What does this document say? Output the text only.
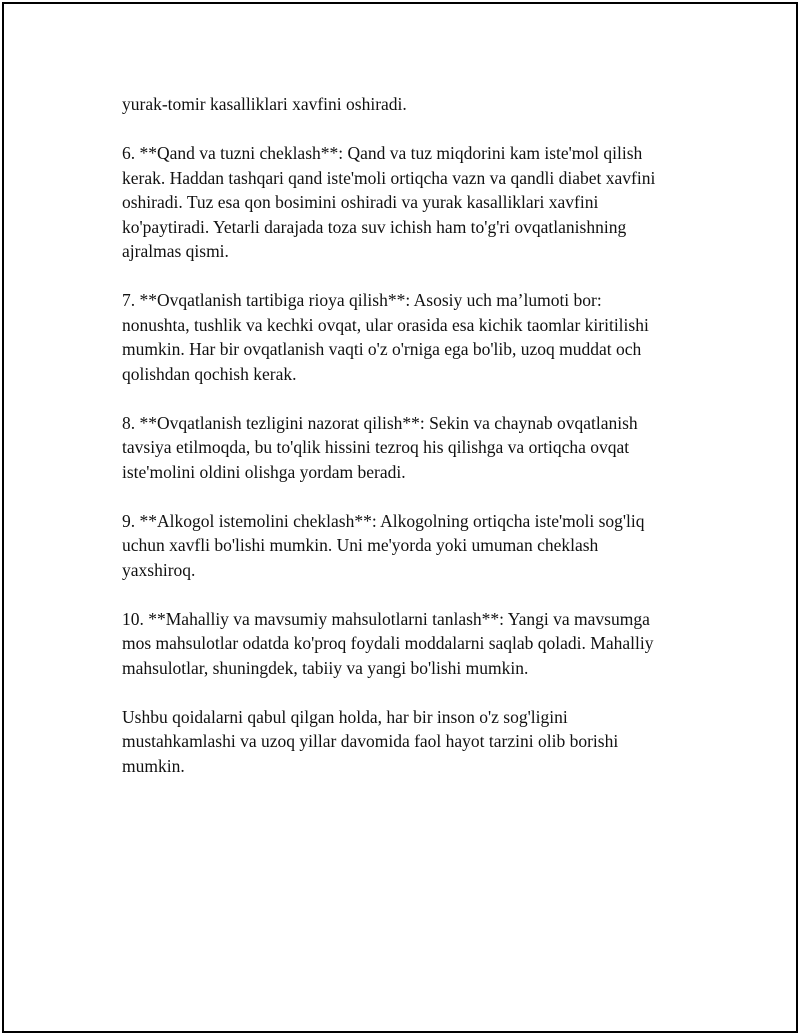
yurak-tomir kasalliklari xavfini oshiradi.

6. **Qand va tuzni cheklash**: Qand va tuz miqdorini kam iste'mol qilish
kerak. Haddan tashqari qand iste'moli ortiqcha vazn va qandli diabet xavfini
oshiradi. Tuz esa qon bosimini oshiradi va yurak kasalliklari xavfini
ko'paytiradi. Yetarli darajada toza suv ichish ham to'g'ri ovqatlanishning
ajralmas qismi.

7. **Ovqatlanish tartibiga rioya qilish**: Asosiy uch ma’lumoti bor:
nonushta, tushlik va kechki ovqat, ular orasida esa kichik taomlar kiritilishi
mumkin. Har bir ovqatlanish vaqti o'z o'rniga ega bo'lib, uzoq muddat och
qolishdan qochish kerak.

8. **Ovqatlanish tezligini nazorat qilish**: Sekin va chaynab ovqatlanish
tavsiya etilmoqda, bu to'qlik hissini tezroq his qilishga va ortiqcha ovqat
iste'molini oldini olishga yordam beradi.

9. **Alkogol istemolini cheklash**: Alkogolning ortiqcha iste'moli sog'liq
uchun xavfli bo'lishi mumkin. Uni me'yorda yoki umuman cheklash
yaxshiroq.

10. **Mahalliy va mavsumiy mahsulotlarni tanlash**: Yangi va mavsumga
mos mahsulotlar odatda ko'proq foydali moddalarni saqlab qoladi. Mahalliy
mahsulotlar, shuningdek, tabiiy va yangi bo'lishi mumkin.

Ushbu qoidalarni qabul qilgan holda, har bir inson o'z sog'ligini
mustahkamlashi va uzoq yillar davomida faol hayot tarzini olib borishi
mumkin.
